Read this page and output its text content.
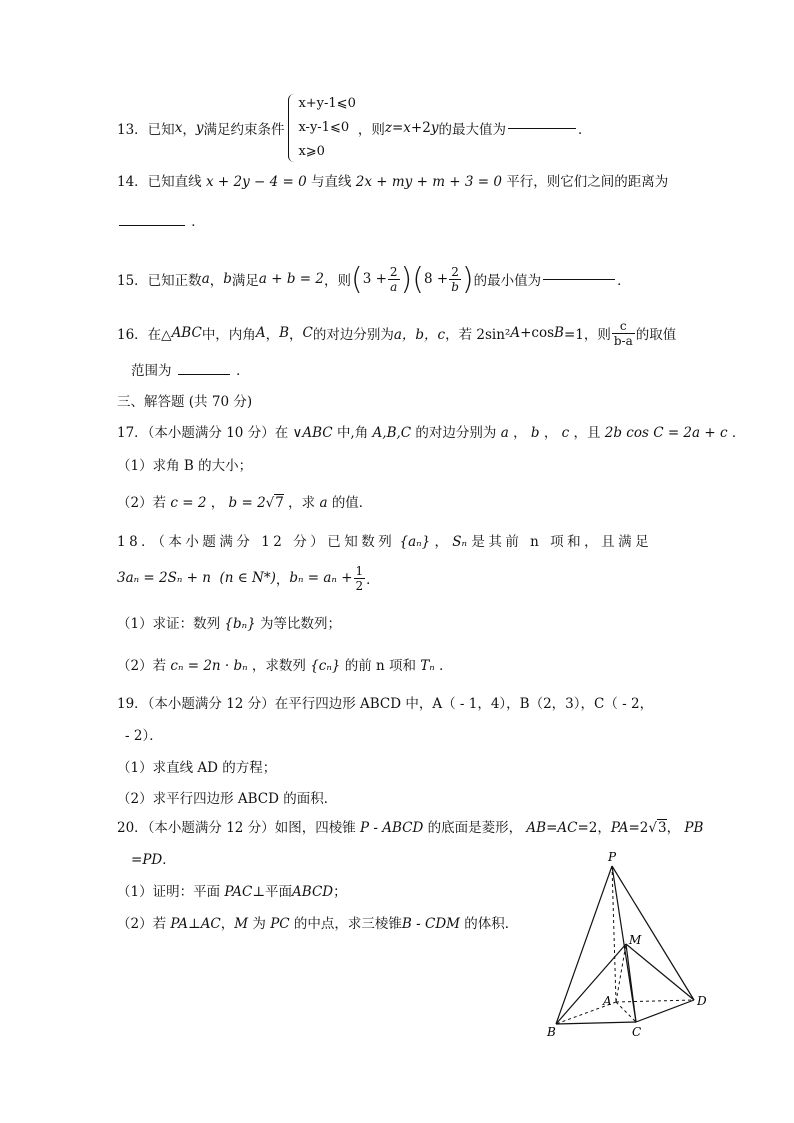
13．已知 x ， y 满足约束条件
x+y-1⩽0
x-y-1⩽0
x⩾0
，则 z = x +2 y 的最大值为	．
14．已知直线 x + 2y − 4 = 0 与直线 2x + my + m + 3 = 0 平行，则它们之间的距离为
．
15．已知正数 a ， b 满足 a + b = 2 ，则 ( $3 + \frac{2}{a}$ ) ( $8 + \frac{2}{b}$ ) 的最小值为	．
16．在△ ABC 中，内角 A ， B ， C 的对边分别为 a，b，c ，若 2sin² A +cos B =1，则 $\frac{c}{b-a}$ 的取值
范围为	．
三、解答题 (共 70 分)
17．（本小题满分 10 分）在 ∨ABC 中,角 A,B,C 的对边分别为 a ， b ， c ，且 2b cos C = 2a + c ．
（1）求角 B 的大小；
（2）若 c = 2 ， b = 2√7 ，求 a 的值．
18．（本小题满分 12 分）已知数列 {aₙ} ， Sₙ 是其前 n 项和，且满足
3aₙ = 2Sₙ + n
(n ∈ N*) ， $b_n = a_n + \frac{1}{2}$ ．
（1）求证：数列 {bₙ} 为等比数列；
（2）若 cₙ = 2n · bₙ ，求数列 {cₙ} 的前 n 项和 Tₙ ．
19．（本小题满分 12 分）在平行四边形 ABCD 中，A（ - 1，4），B（2，3），C（ - 2，
- 2）．
（1）求直线 AD 的方程；
（2）求平行四边形 ABCD 的面积．
20．（本小题满分 12 分）如图，四棱锥 P - ABCD 的底面是菱形， AB=AC=2，PA=2√3， PB
=PD．
（1）证明：平面 PAC⊥平面ABCD；
（2）若 PA⊥AC，M 为 PC 的中点，求三棱锥B - CDM 的体积．
P
M
A
B	C
D
